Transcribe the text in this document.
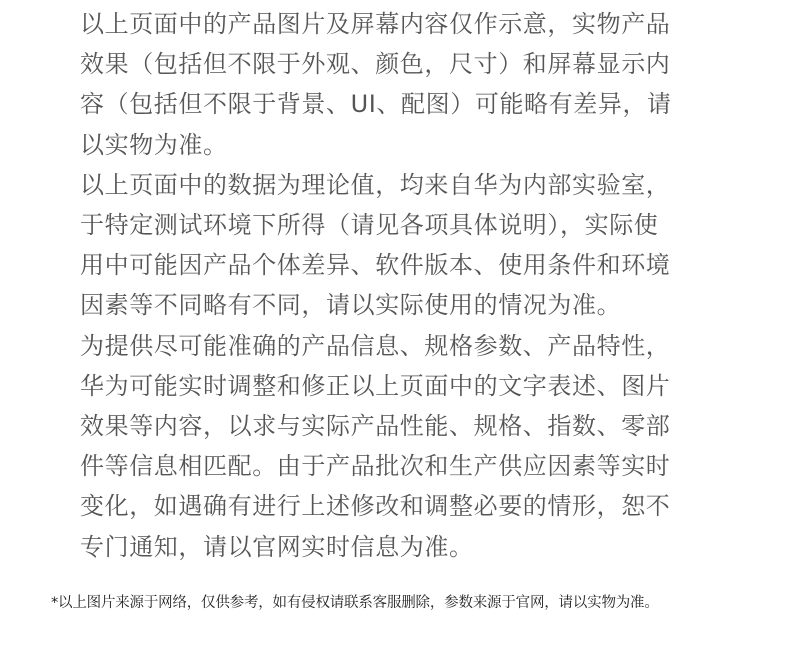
以上页面中的产品图片及屏幕内容仅作示意，实物产品
效果（包括但不限于外观、颜色，尺寸）和屏幕显示内
容（包括但不限于背景、UI、配图）可能略有差异，请
以实物为准。
以上页面中的数据为理论值，均来自华为内部实验室，
于特定测试环境下所得（请见各项具体说明），实际使
用中可能因产品个体差异、软件版本、使用条件和环境
因素等不同略有不同，请以实际使用的情况为准。
为提供尽可能准确的产品信息、规格参数、产品特性，
华为可能实时调整和修正以上页面中的文字表述、图片
效果等内容，以求与实际产品性能、规格、指数、零部
件等信息相匹配。由于产品批次和生产供应因素等实时
变化，如遇确有进行上述修改和调整必要的情形，恕不
专门通知，请以官网实时信息为准。
*以上图片来源于网络，仅供参考，如有侵权请联系客服删除，参数来源于官网，请以实物为准。
